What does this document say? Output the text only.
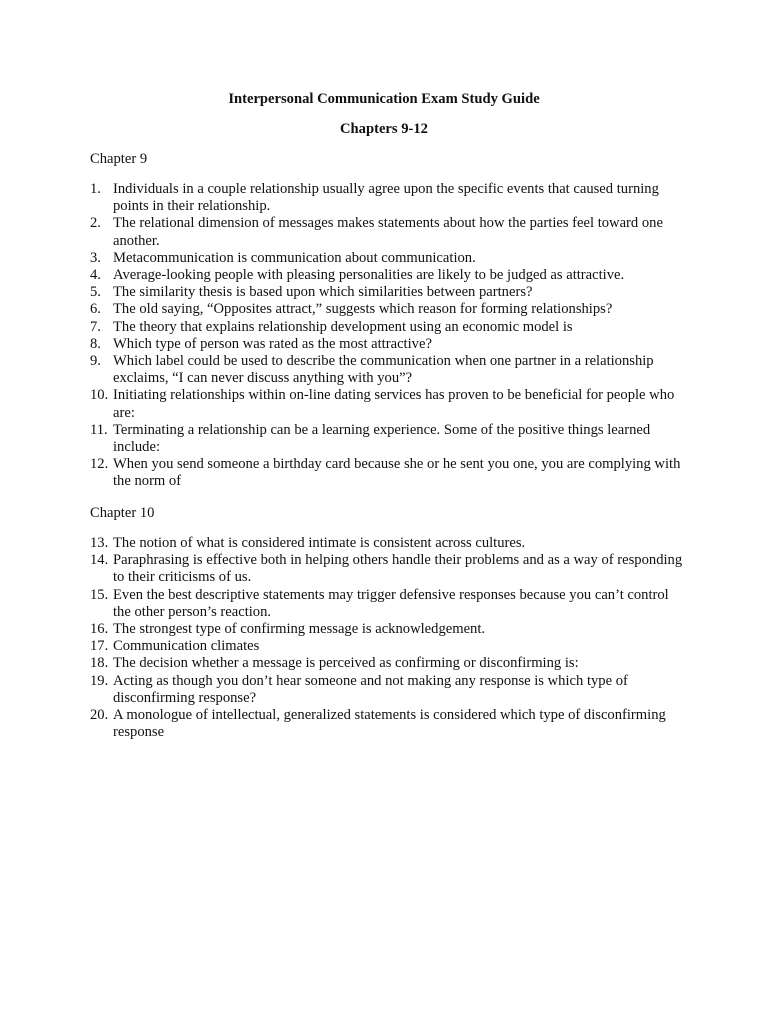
Interpersonal Communication Exam Study Guide
Chapters 9-12
Chapter 9
1. Individuals in a couple relationship usually agree upon the specific events that caused turning points in their relationship.
2. The relational dimension of messages makes statements about how the parties feel toward one another.
3. Metacommunication is communication about communication.
4. Average-looking people with pleasing personalities are likely to be judged as attractive.
5. The similarity thesis is based upon which similarities between partners?
6. The old saying, “Opposites attract,” suggests which reason for forming relationships?
7. The theory that explains relationship development using an economic model is
8. Which type of person was rated as the most attractive?
9. Which label could be used to describe the communication when one partner in a relationship exclaims, “I can never discuss anything with you”?
10. Initiating relationships within on-line dating services has proven to be beneficial for people who are:
11. Terminating a relationship can be a learning experience. Some of the positive things learned include:
12. When you send someone a birthday card because she or he sent you one, you are complying with the norm of
Chapter 10
13. The notion of what is considered intimate is consistent across cultures.
14. Paraphrasing is effective both in helping others handle their problems and as a way of responding to their criticisms of us.
15. Even the best descriptive statements may trigger defensive responses because you can’t control the other person’s reaction.
16. The strongest type of confirming message is acknowledgement.
17. Communication climates
18. The decision whether a message is perceived as confirming or disconfirming is:
19. Acting as though you don’t hear someone and not making any response is which type of disconfirming response?
20. A monologue of intellectual, generalized statements is considered which type of disconfirming response
